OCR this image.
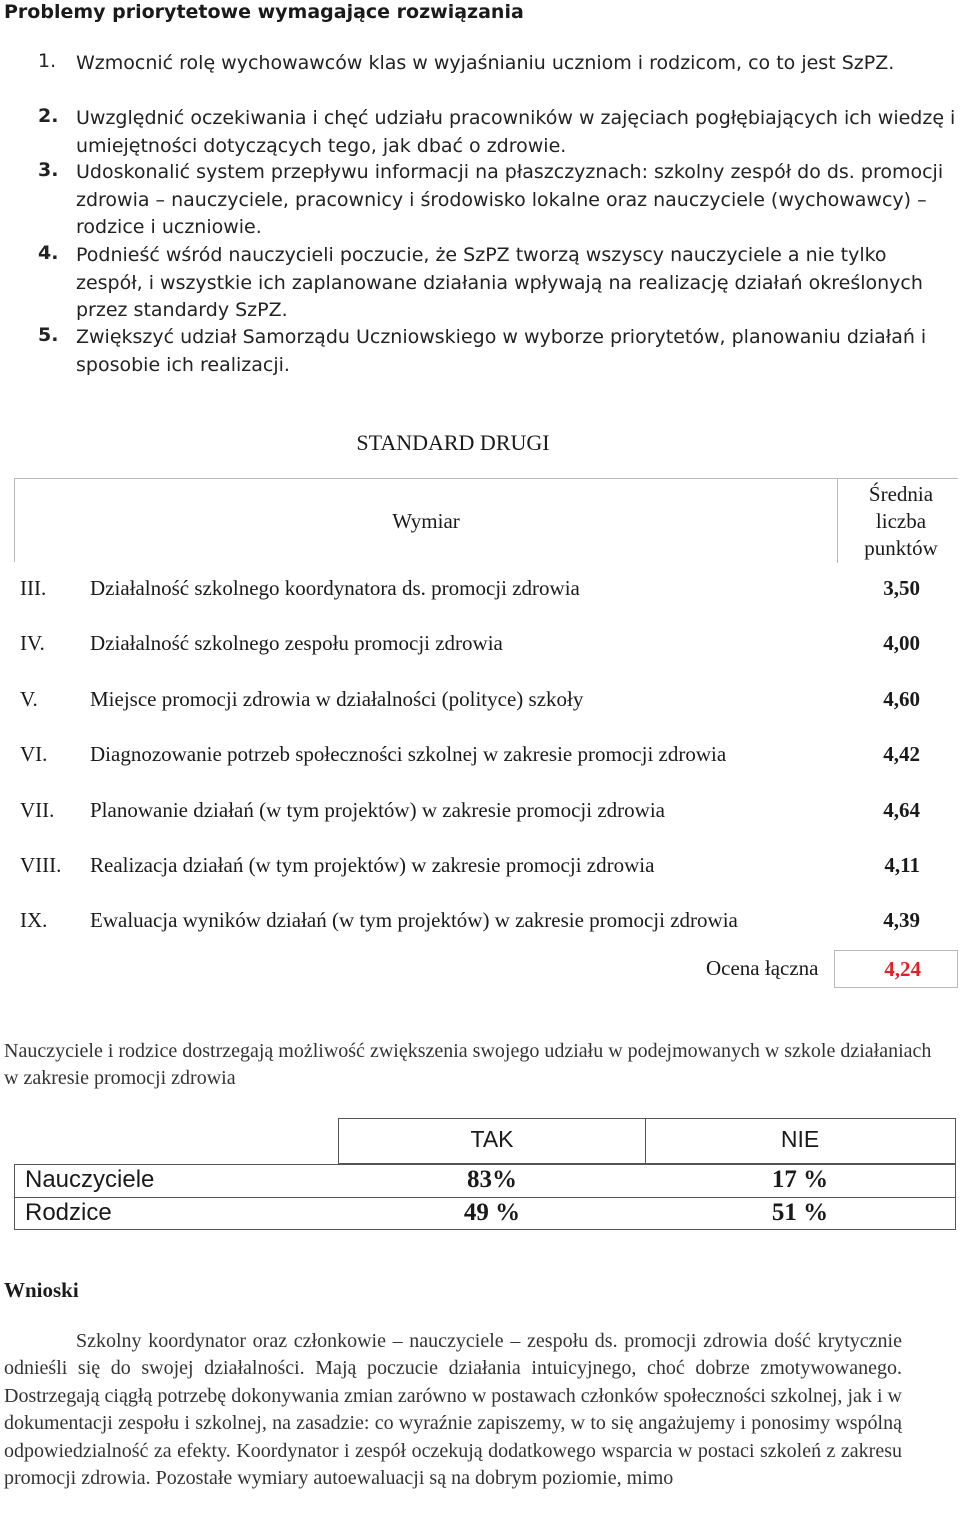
Problemy priorytetowe wymagające rozwiązania
1. Wzmocnić rolę wychowawców klas w wyjaśnianiu uczniom i rodzicom, co to jest SzPZ.
2. Uwzględnić oczekiwania i chęć udziału pracowników w zajęciach pogłębiających ich wiedzę i umiejętności dotyczących tego, jak dbać o zdrowie.
3. Udoskonalić system przepływu informacji na płaszczyznach: szkolny zespół do ds. promocji zdrowia – nauczyciele, pracownicy i środowisko lokalne oraz nauczyciele (wychowawcy) – rodzice i uczniowie.
4. Podnieść wśród nauczycieli poczucie, że SzPZ tworzą wszyscy nauczyciele a nie tylko zespół, i wszystkie ich zaplanowane działania wpływają na realizację działań określonych przez standardy SzPZ.
5. Zwiększyć udział Samorządu Uczniowskiego w wyborze priorytetów, planowaniu działań i sposobie ich realizacji.
STANDARD DRUGI
Wymiar
Średnia liczba punktów
III. Działalność szkolnego koordynatora ds. promocji zdrowia	3,50
IV. Działalność szkolnego zespołu promocji zdrowia	4,00
V. Miejsce promocji zdrowia w działalności (polityce) szkoły	4,60
VI. Diagnozowanie potrzeb społeczności szkolnej w zakresie promocji zdrowia	4,42
VII. Planowanie działań (w tym projektów) w zakresie promocji zdrowia	4,64
VIII. Realizacja działań (w tym projektów) w zakresie promocji zdrowia	4,11
IX. Ewaluacja wyników działań (w tym projektów) w zakresie promocji zdrowia	4,39
Ocena łączna	4,24
Nauczyciele i rodzice dostrzegają możliwość zwiększenia swojego udziału w podejmowanych w szkole działaniach w zakresie promocji zdrowia
TAK	NIE
Nauczyciele	83%	17 %
Rodzice	49 %	51 %
Wnioski
Szkolny koordynator oraz członkowie – nauczyciele – zespołu ds. promocji zdrowia dość krytycznie odnieśli się do swojej działalności. Mają poczucie działania intuicyjnego, choć dobrze zmotywowanego. Dostrzegają ciągłą potrzebę dokonywania zmian zarówno w postawach członków społeczności szkolnej, jak i w dokumentacji zespołu i szkolnej, na zasadzie: co wyraźnie zapiszemy, w to się angażujemy i ponosimy wspólną odpowiedzialność za efekty. Koordynator i zespół oczekują dodatkowego wsparcia w postaci szkoleń z zakresu promocji zdrowia. Pozostałe wymiary autoewaluacji są na dobrym poziomie, mimo
